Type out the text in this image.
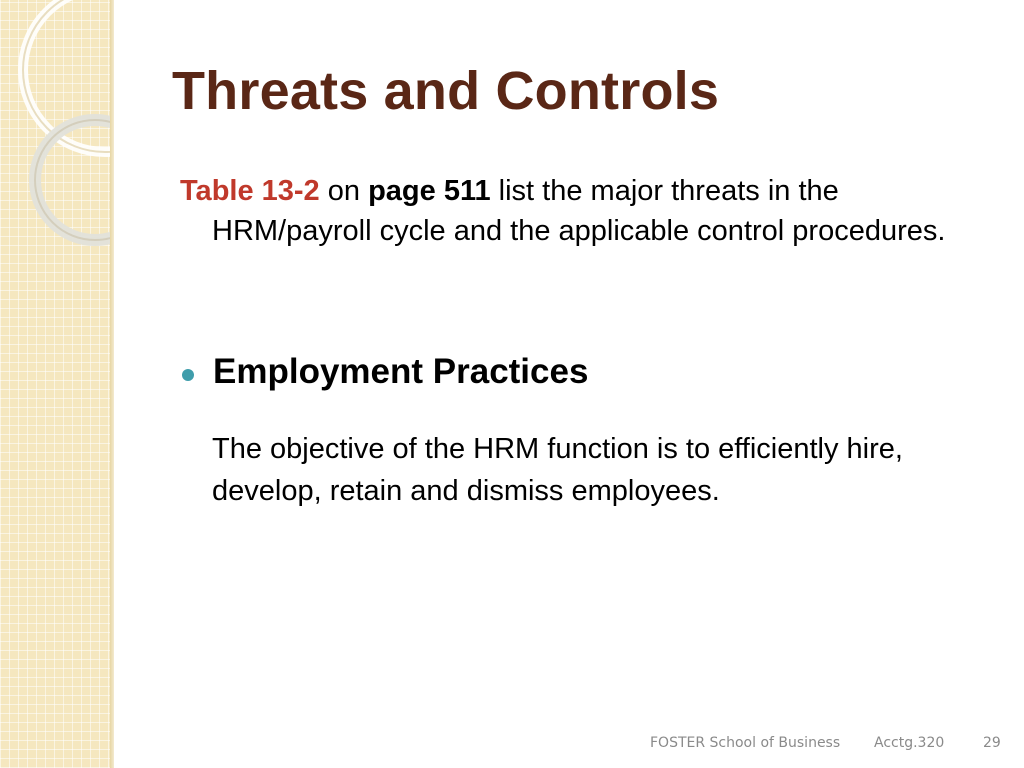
Threats and Controls

Table 13-2 on page 511 list the major threats in the HRM/payroll cycle and the applicable control procedures.

Employment Practices

The objective of the HRM function is to efficiently hire, develop, retain and dismiss employees.

FOSTER School of Business Acctg.320	29
